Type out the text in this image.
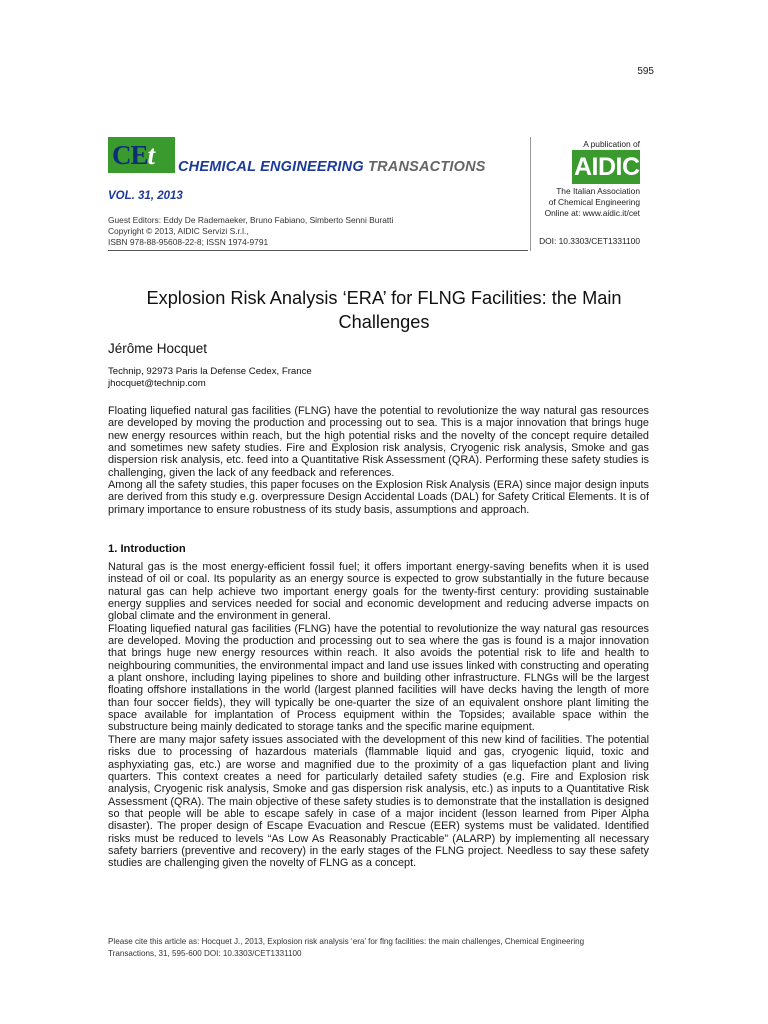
595
CEt CHEMICAL ENGINEERING TRANSACTIONS
VOL. 31, 2013
Guest Editors: Eddy De Rademaeker, Bruno Fabiano, Simberto Senni Buratti
Copyright © 2013, AIDIC Servizi S.r.l.,
ISBN 978-88-95608-22-8; ISSN 1974-9791
A publication of
AIDIC
The Italian Association
of Chemical Engineering
Online at: www.aidic.it/cet
DOI: 10.3303/CET1331100
Explosion Risk Analysis ‘ERA’ for FLNG Facilities: the Main Challenges
Jérôme Hocquet
Technip, 92973 Paris la Defense Cedex, France
jhocquet@technip.com

Floating liquefied natural gas facilities (FLNG) have the potential to revolutionize the way natural gas resources are developed by moving the production and processing out to sea. This is a major innovation that brings huge new energy resources within reach, but the high potential risks and the novelty of the concept require detailed and sometimes new safety studies. Fire and Explosion risk analysis, Cryogenic risk analysis, Smoke and gas dispersion risk analysis, etc. feed into a Quantitative Risk Assessment (QRA). Performing these safety studies is challenging, given the lack of any feedback and references.

Among all the safety studies, this paper focuses on the Explosion Risk Analysis (ERA) since major design inputs are derived from this study e.g. overpressure Design Accidental Loads (DAL) for Safety Critical Elements. It is of primary importance to ensure robustness of its study basis, assumptions and approach.

1. Introduction

Natural gas is the most energy-efficient fossil fuel; it offers important energy-saving benefits when it is used instead of oil or coal. Its popularity as an energy source is expected to grow substantially in the future because natural gas can help achieve two important energy goals for the twenty-first century: providing sustainable energy supplies and services needed for social and economic development and reducing adverse impacts on global climate and the environment in general.

Floating liquefied natural gas facilities (FLNG) have the potential to revolutionize the way natural gas resources are developed. Moving the production and processing out to sea where the gas is found is a major innovation that brings huge new energy resources within reach. It also avoids the potential risk to life and health to neighbouring communities, the environmental impact and land use issues linked with constructing and operating a plant onshore, including laying pipelines to shore and building other infrastructure. FLNGs will be the largest floating offshore installations in the world (largest planned facilities will have decks having the length of more than four soccer fields), they will typically be one-quarter the size of an equivalent onshore plant limiting the space available for implantation of Process equipment within the Topsides; available space within the substructure being mainly dedicated to storage tanks and the specific marine equipment.

There are many major safety issues associated with the development of this new kind of facilities. The potential risks due to processing of hazardous materials (flammable liquid and gas, cryogenic liquid, toxic and asphyxiating gas, etc.) are worse and magnified due to the proximity of a gas liquefaction plant and living quarters. This context creates a need for particularly detailed safety studies (e.g. Fire and Explosion risk analysis, Cryogenic risk analysis, Smoke and gas dispersion risk analysis, etc.) as inputs to a Quantitative Risk Assessment (QRA). The main objective of these safety studies is to demonstrate that the installation is designed so that people will be able to escape safely in case of a major incident (lesson learned from Piper Alpha disaster). The proper design of Escape Evacuation and Rescue (EER) systems must be validated. Identified risks must be reduced to levels “As Low As Reasonably Practicable” (ALARP) by implementing all necessary safety barriers (preventive and recovery) in the early stages of the FLNG project. Needless to say these safety studies are challenging given the novelty of FLNG as a concept.

Please cite this article as: Hocquet J., 2013, Explosion risk analysis ‘era’ for flng facilities: the main challenges, Chemical Engineering
Transactions, 31, 595-600 DOI: 10.3303/CET1331100
